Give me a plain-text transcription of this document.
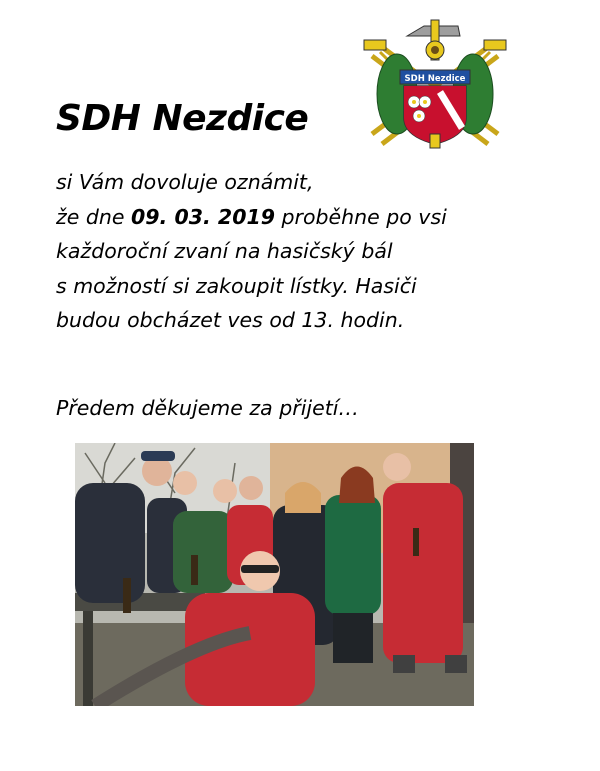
SDH Nezdice
SDH Nezdice
si Vám dovoluje oznámit,
že dne 09. 03. 2019 proběhne po vsi
každoroční zvaní na hasičský bál
s možností si zakoupit lístky. Hasiči
budou obcházet ves od 13. hodin.
Předem děkujeme za přijetí…
